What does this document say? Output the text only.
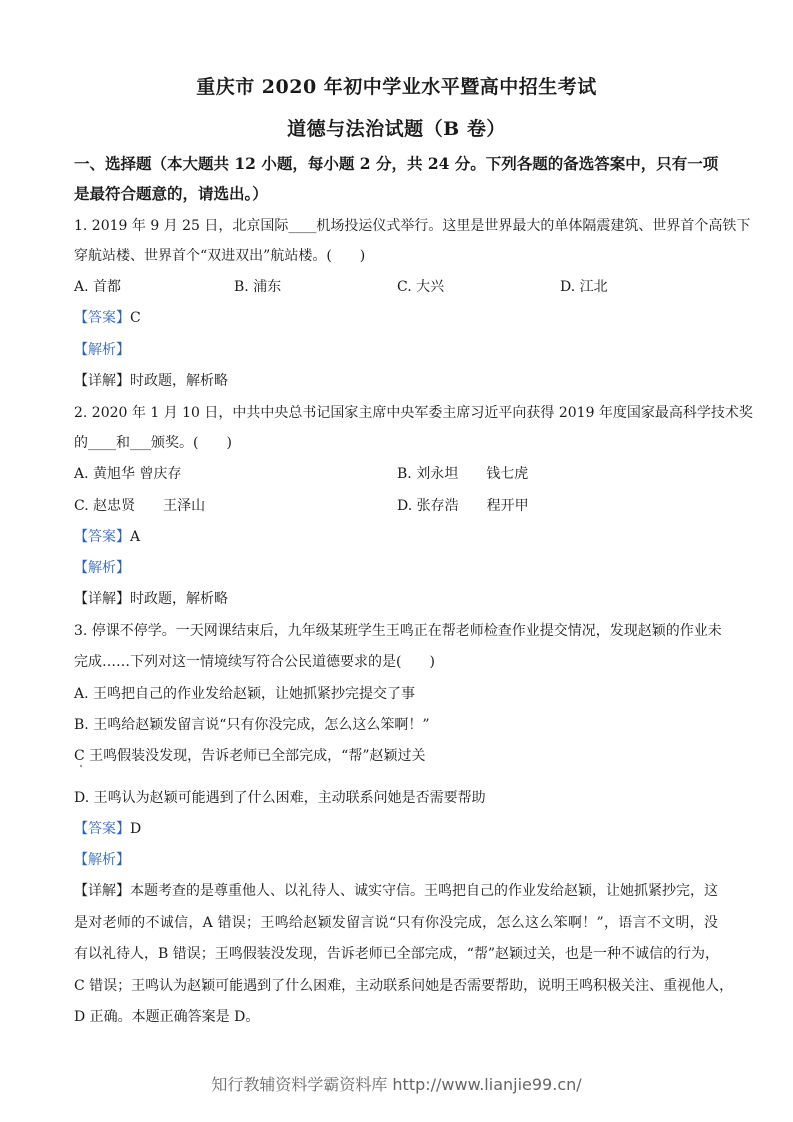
重庆市 2020 年初中学业水平暨高中招生考试
道德与法治试题（B 卷）
一、选择题（本大题共 12 小题，每小题 2 分，共 24 分。下列各题的备选答案中，只有一项
是最符合题意的，请选出。）
1. 2019 年 9 月 25 日，北京国际____机场投运仪式举行。这里是世界最大的单体隔震建筑、世界首个高铁下
穿航站楼、世界首个“双进双出”航站楼。(　　)
A. 首都	B. 浦东	C. 大兴	D. 江北
【答案】C
【解析】
【详解】时政题，解析略
2. 2020 年 1 月 10 日，中共中央总书记国家主席中央军委主席习近平向获得 2019 年度国家最高科学技术奖
的____和___颁奖。(　　)
A. 黄旭华 曾庆存	B. 刘永坦　　钱七虎
C. 赵忠贤　　王泽山	D. 张存浩　　程开甲
【答案】A
【解析】
【详解】时政题，解析略
3. 停课不停学。一天网课结束后，九年级某班学生王鸣正在帮老师检查作业提交情况，发现赵颖的作业未
完成……下列对这一情境续写符合公民道德要求的是(　　)
A. 王鸣把自己的作业发给赵颖，让她抓紧抄完提交了事
B. 王鸣给赵颖发留言说“只有你没完成，怎么这么笨啊！”
C 王鸣假装没发现，告诉老师已全部完成，“帮”赵颖过关
D. 王鸣认为赵颖可能遇到了什么困难，主动联系问她是否需要帮助
【答案】D
【解析】
【详解】本题考查的是尊重他人、以礼待人、诚实守信。王鸣把自己的作业发给赵颖，让她抓紧抄完，这
是对老师的不诚信，A 错误；王鸣给赵颖发留言说“只有你没完成，怎么这么笨啊！”，语言不文明，没
有以礼待人，B 错误；王鸣假装没发现，告诉老师已全部完成，“帮”赵颖过关，也是一种不诚信的行为，
C 错误；王鸣认为赵颖可能遇到了什么困难，主动联系问她是否需要帮助，说明王鸣积极关注、重视他人，
D 正确。本题正确答案是 D。
知行教辅资料学霸资料库 http://www.lianjie99.cn/
